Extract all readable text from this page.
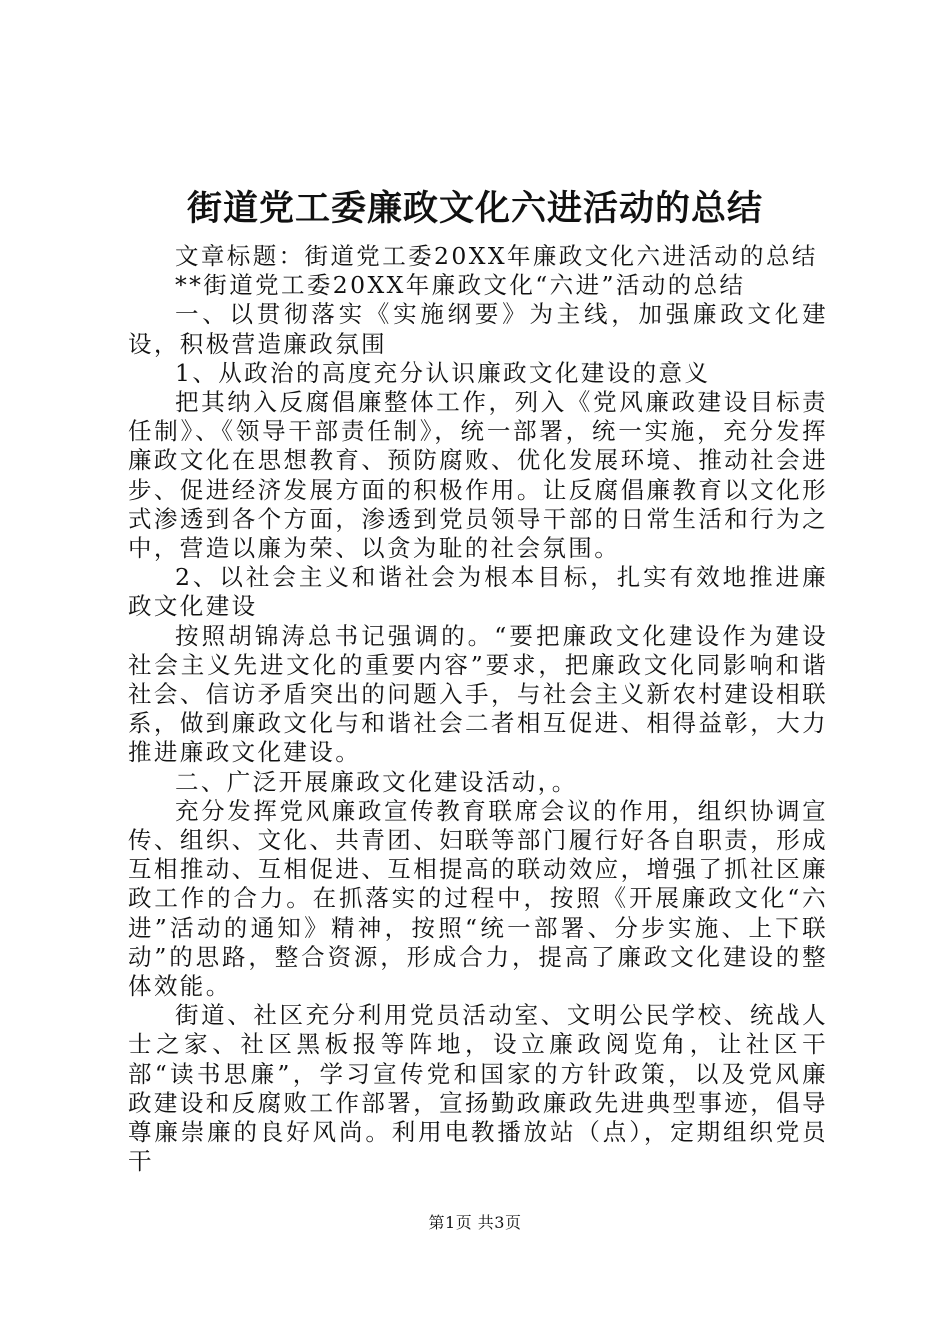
街道党工委廉政文化六进活动的总结

文章标题：街道党工委20XX年廉政文化六进活动的总结

**街道党工委20XX年廉政文化“六进”活动的总结

一、以贯彻落实《实施纲要》为主线，加强廉政文化建设，积极营造廉政氛围

1、从政治的高度充分认识廉政文化建设的意义

把其纳入反腐倡廉整体工作，列入《党风廉政建设目标责任制》、《领导干部责任制》，统一部署，统一实施，充分发挥廉政文化在思想教育、预防腐败、优化发展环境、推动社会进步、促进经济发展方面的积极作用。让反腐倡廉教育以文化形式渗透到各个方面，渗透到党员领导干部的日常生活和行为之中，营造以廉为荣、以贪为耻的社会氛围。

2、以社会主义和谐社会为根本目标，扎实有效地推进廉政文化建设

按照胡锦涛总书记强调的。“要把廉政文化建设作为建设社会主义先进文化的重要内容”要求，把廉政文化同影响和谐社会、信访矛盾突出的问题入手，与社会主义新农村建设相联系，做到廉政文化与和谐社会二者相互促进、相得益彰，大力推进廉政文化建设。

二、广泛开展廉政文化建设活动，。

充分发挥党风廉政宣传教育联席会议的作用，组织协调宣传、组织、文化、共青团、妇联等部门履行好各自职责，形成互相推动、互相促进、互相提高的联动效应，增强了抓社区廉政工作的合力。在抓落实的过程中，按照《开展廉政文化“六进”活动的通知》精神，按照“统一部署、分步实施、上下联动”的思路，整合资源，形成合力，提高了廉政文化建设的整体效能。

街道、社区充分利用党员活动室、文明公民学校、统战人士之家、社区黑板报等阵地，设立廉政阅览角，让社区干部“读书思廉”，学习宣传党和国家的方针政策，以及党风廉政建设和反腐败工作部署，宣扬勤政廉政先进典型事迹，倡导尊廉崇廉的良好风尚。利用电教播放站（点），定期组织党员干

第1页 共3页
